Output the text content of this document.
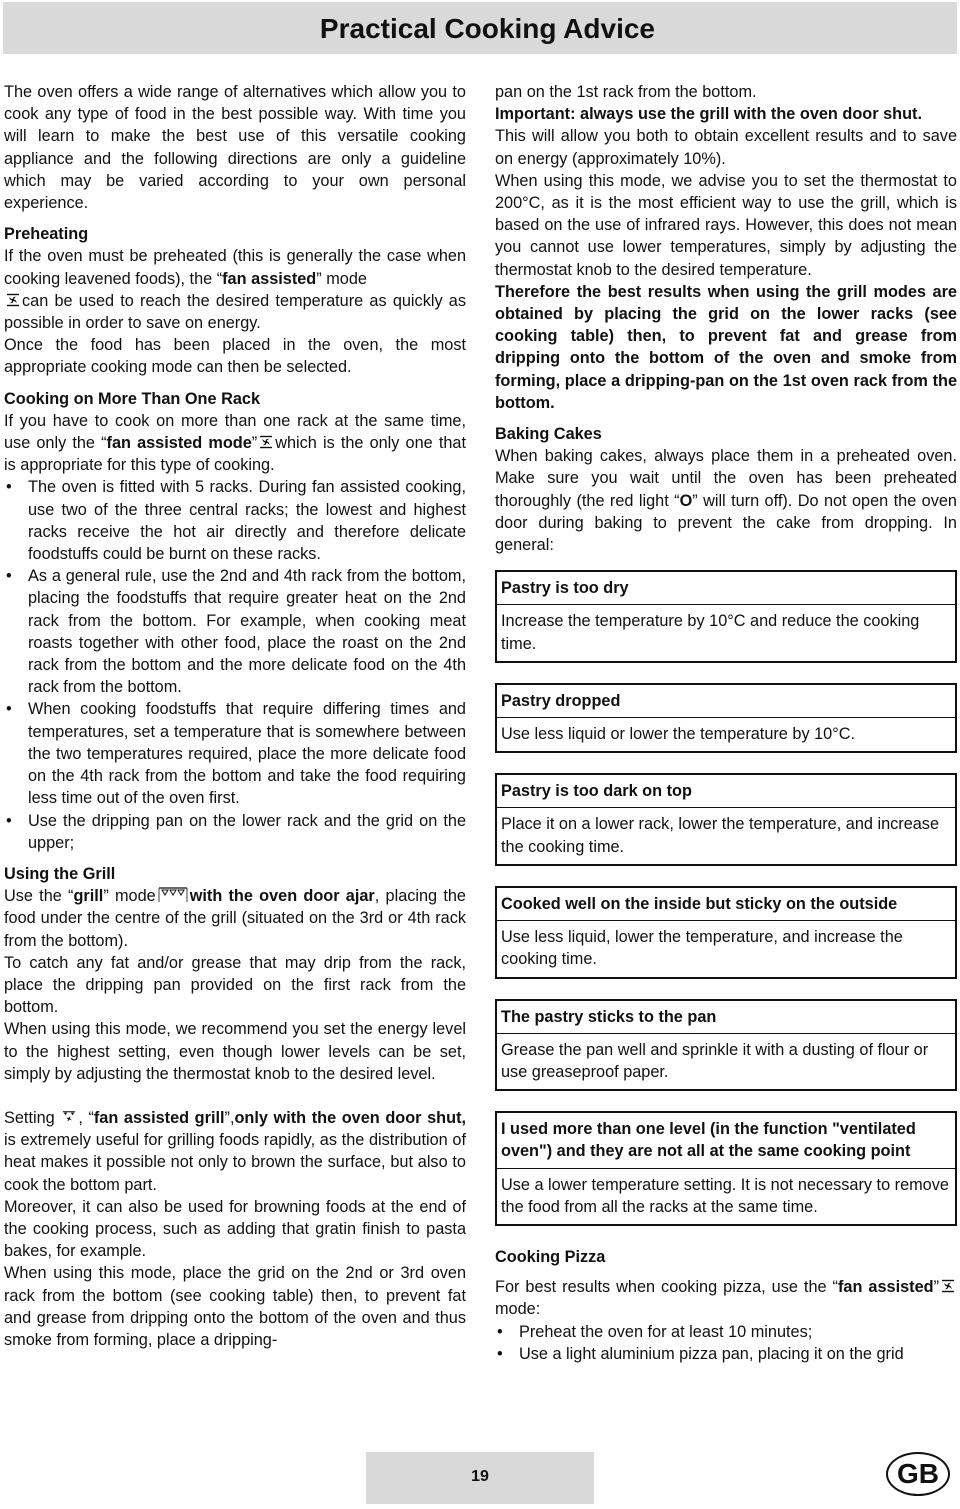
Practical Cooking Advice

The oven offers a wide range of alternatives which allow you to cook any type of food in the best possible way. With time you will learn to make the best use of this versatile cooking appliance and the following directions are only a guideline which may be varied according to your own personal experience.

Preheating

If the oven must be preheated (this is generally the case when cooking leavened foods), the “fan assisted” mode
can be used to reach the desired temperature as quickly as possible in order to save on energy.

Once the food has been placed in the oven, the most appropriate cooking mode can then be selected.

Cooking on More Than One Rack

If you have to cook on more than one rack at the same time, use only the “fan assisted mode” which is the only one that is appropriate for this type of cooking.

• The oven is fitted with 5 racks. During fan assisted cooking, use two of the three central racks; the lowest and highest racks receive the hot air directly and therefore delicate foodstuffs could be burnt on these racks.
• As a general rule, use the 2nd and 4th rack from the bottom, placing the foodstuffs that require greater heat on the 2nd rack from the bottom. For example, when cooking meat roasts together with other food, place the roast on the 2nd rack from the bottom and the more delicate food on the 4th rack from the bottom.
• When cooking foodstuffs that require differing times and temperatures, set a temperature that is somewhere between the two temperatures required, place the more delicate food on the 4th rack from the bottom and take the food requiring less time out of the oven first.
• Use the dripping pan on the lower rack and the grid on the upper;

Using the Grill

Use the “grill” mode with the oven door ajar, placing the food under the centre of the grill (situated on the 3rd or 4th rack from the bottom).

To catch any fat and/or grease that may drip from the rack, place the dripping pan provided on the first rack from the bottom.

When using this mode, we recommend you set the energy level to the highest setting, even though lower levels can be set, simply by adjusting the thermostat knob to the desired level.

Setting , “fan assisted grill”,only with the oven door shut, is extremely useful for grilling foods rapidly, as the distribution of heat makes it possible not only to brown the surface, but also to cook the bottom part.

Moreover, it can also be used for browning foods at the end of the cooking process, such as adding that gratin finish to pasta bakes, for example.

When using this mode, place the grid on the 2nd or 3rd oven rack from the bottom (see cooking table) then, to prevent fat and grease from dripping onto the bottom of the oven and thus smoke from forming, place a dripping-

pan on the 1st rack from the bottom.

Important: always use the grill with the oven door shut.

This will allow you both to obtain excellent results and to save on energy (approximately 10%).

When using this mode, we advise you to set the thermostat to 200°C, as it is the most efficient way to use the grill, which is based on the use of infrared rays. However, this does not mean you cannot use lower temperatures, simply by adjusting the thermostat knob to the desired temperature.

Therefore the best results when using the grill modes are obtained by placing the grid on the lower racks (see cooking table) then, to prevent fat and grease from dripping onto the bottom of the oven and smoke from forming, place a dripping-pan on the 1st oven rack from the bottom.

Baking Cakes

When baking cakes, always place them in a preheated oven. Make sure you wait until the oven has been preheated thoroughly (the red light “O” will turn off). Do not open the oven door during baking to prevent the cake from dropping. In general:

Pastry is too dry
Increase the temperature by 10°C and reduce the cooking time.
Pastry dropped
Use less liquid or lower the temperature by 10°C.
Pastry is too dark on top
Place it on a lower rack, lower the temperature, and increase the cooking time.
Cooked well on the inside but sticky on the outside
Use less liquid, lower the temperature, and increase the cooking time.
The pastry sticks to the pan
Grease the pan well and sprinkle it with a dusting of flour or use greaseproof paper.
I used more than one level (in the function "ventilated oven") and they are not all at the same cooking point
Use a lower temperature setting. It is not necessary to remove the food from all the racks at the same time.

Cooking Pizza

For best results when cooking pizza, use the “fan assisted” mode:

• Preheat the oven for at least 10 minutes;
• Use a light aluminium pizza pan, placing it on the grid
19	GB
